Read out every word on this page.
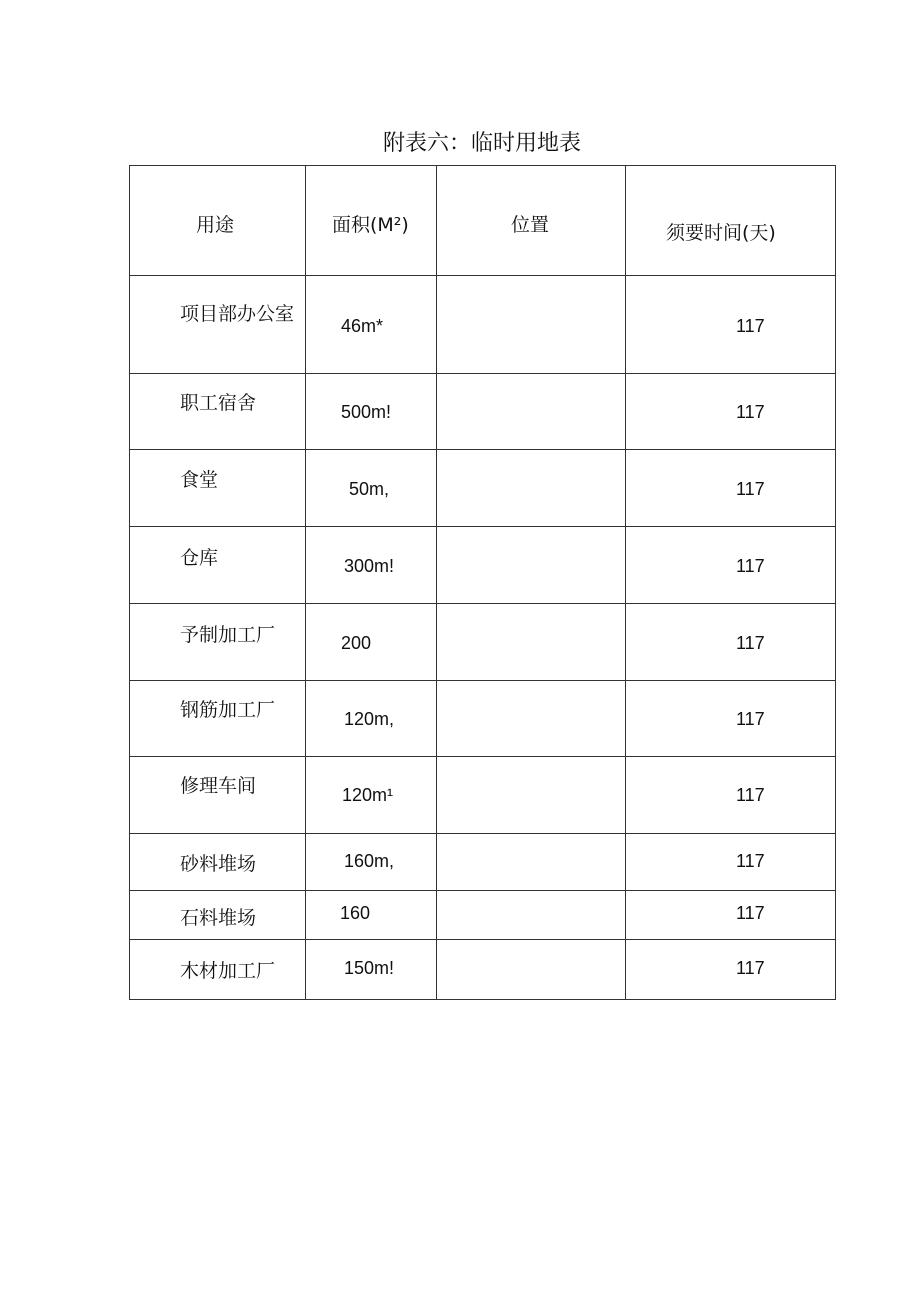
附表六：临时用地表
用途	面积(M²)	位置	须要时间(天)

项目部办公室	46m*		117

职工宿舍	500m!		117

食堂	50m,		117

仓库	300m!		117

予制加工厂	200		117

钢筋加工厂	120m,		117

修理车间	120m¹		117

砂料堆场	160m,		117

石料堆场	160		117

木材加工厂	150m!		117
